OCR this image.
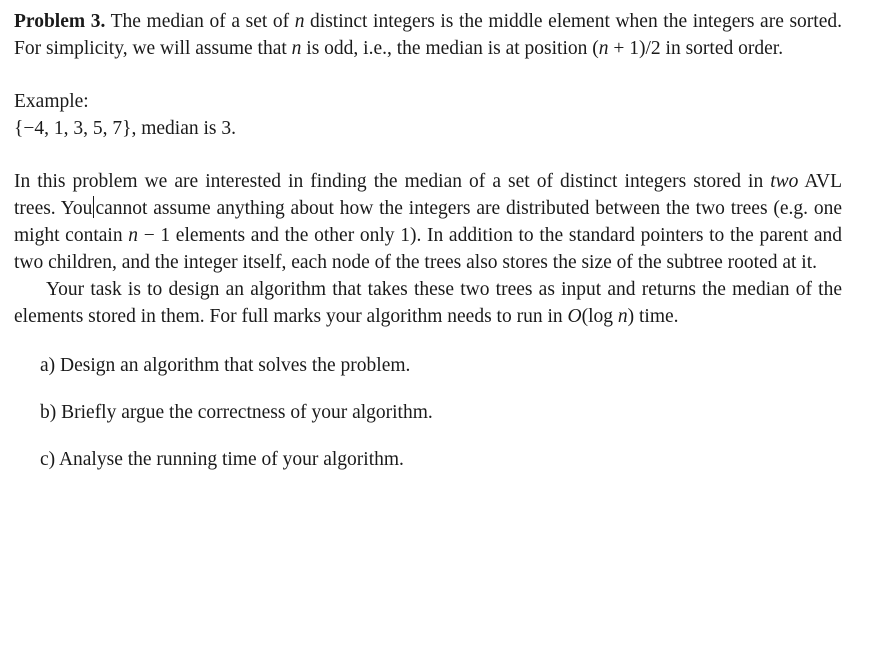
Problem 3. The median of a set of n distinct integers is the middle element when the integers are sorted. For simplicity, we will assume that n is odd, i.e., the median is at position (n + 1)/2 in sorted order.

Example:

{−4, 1, 3, 5, 7}, median is 3.

In this problem we are interested in finding the median of a set of distinct integers stored in two AVL trees. You cannot assume anything about how the integers are distributed between the two trees (e.g. one might contain n − 1 elements and the other only 1). In addition to the standard pointers to the parent and two children, and the integer itself, each node of the trees also stores the size of the subtree rooted at it.

Your task is to design an algorithm that takes these two trees as input and returns the median of the elements stored in them. For full marks your algorithm needs to run in O(log n) time.

a) Design an algorithm that solves the problem.

b) Briefly argue the correctness of your algorithm.

c) Analyse the running time of your algorithm.
